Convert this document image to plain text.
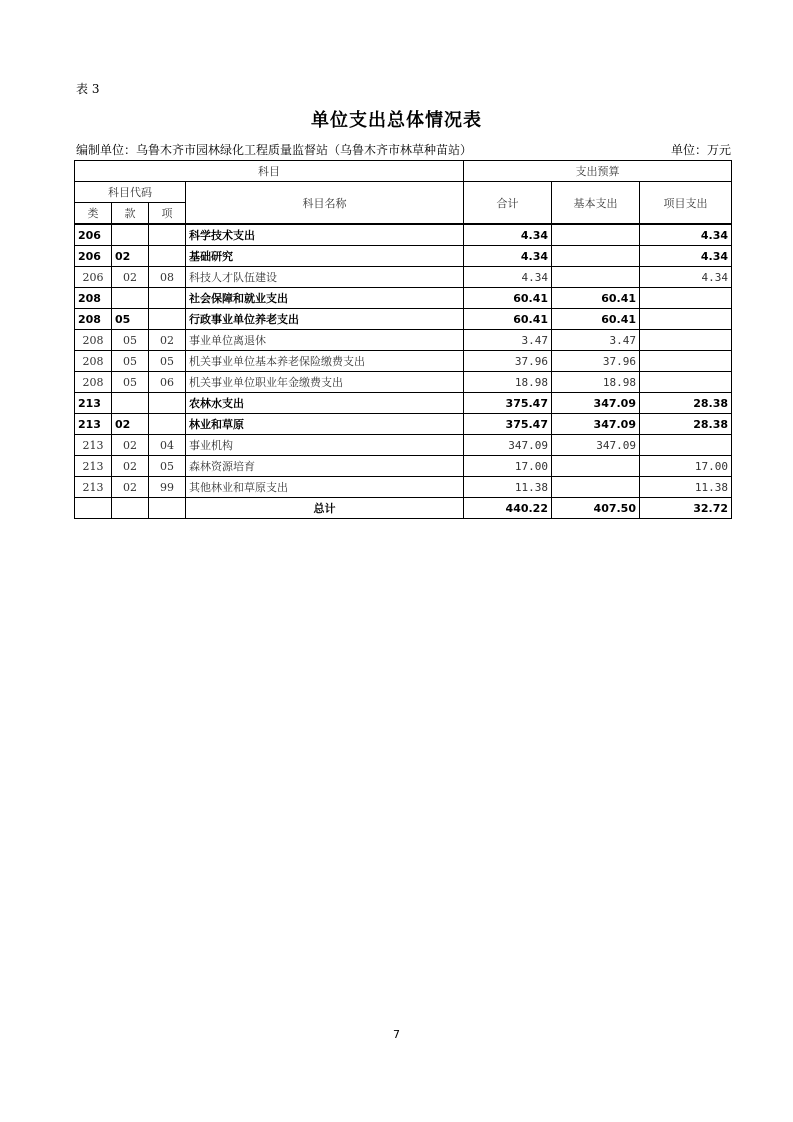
表 3
单位支出总体情况表
编制单位：乌鲁木齐市园林绿化工程质量监督站（乌鲁木齐市林草种苗站）	单位：万元
科目				支出预算		
科目代码			科目名称	合计	基本支出	项目支出
类	款	项				
206			科学技术支出	4.34		4.34
206	02		基础研究	4.34		4.34
206	02	08	科技人才队伍建设	4.34		4.34
208			社会保障和就业支出	60.41	60.41	
208	05		行政事业单位养老支出	60.41	60.41	
208	05	02	事业单位离退休	3.47	3.47	
208	05	05	机关事业单位基本养老保险缴费支出	37.96	37.96	
208	05	06	机关事业单位职业年金缴费支出	18.98	18.98	
213			农林水支出	375.47	347.09	28.38
213	02		林业和草原	375.47	347.09	28.38
213	02	04	事业机构	347.09	347.09	
213	02	05	森林资源培育	17.00		17.00
213	02	99	其他林业和草原支出	11.38		11.38
			总计	440.22	407.50	32.72
7
